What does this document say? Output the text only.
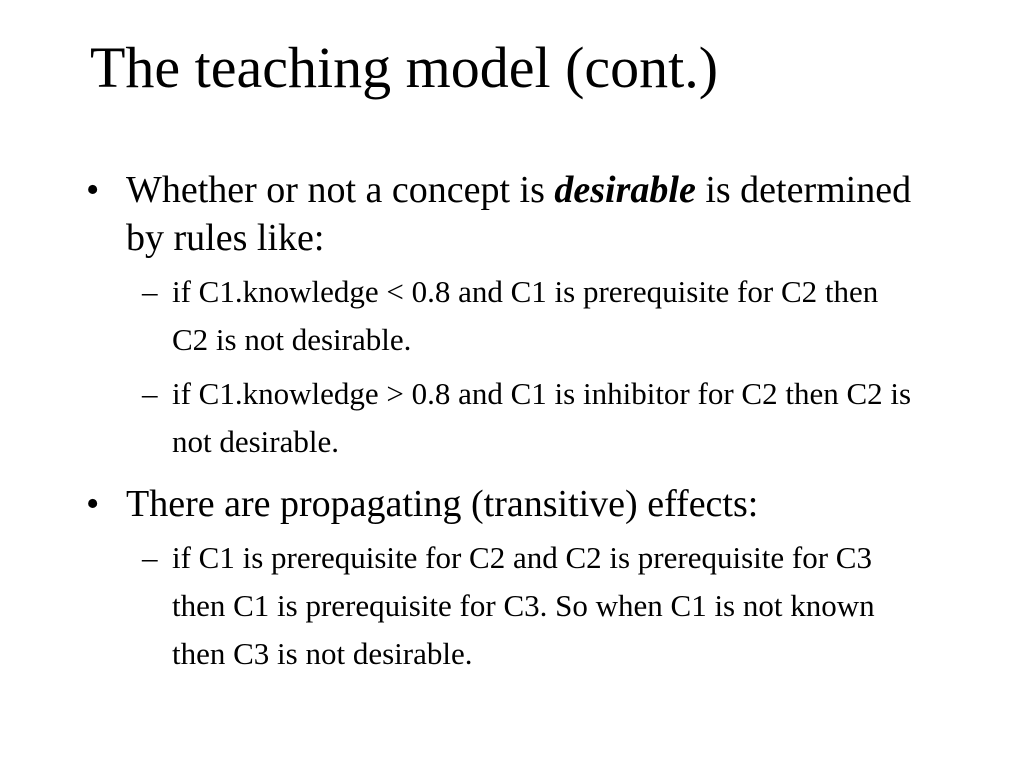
The teaching model (cont.)
• Whether or not a concept is desirable is determined by rules like:
– if C1.knowledge < 0.8 and C1 is prerequisite for C2 then C2 is not desirable.
– if C1.knowledge > 0.8 and C1 is inhibitor for C2 then C2 is not desirable.
• There are propagating (transitive) effects:
– if C1 is prerequisite for C2 and C2 is prerequisite for C3 then C1 is prerequisite for C3. So when C1 is not known then C3 is not desirable.
